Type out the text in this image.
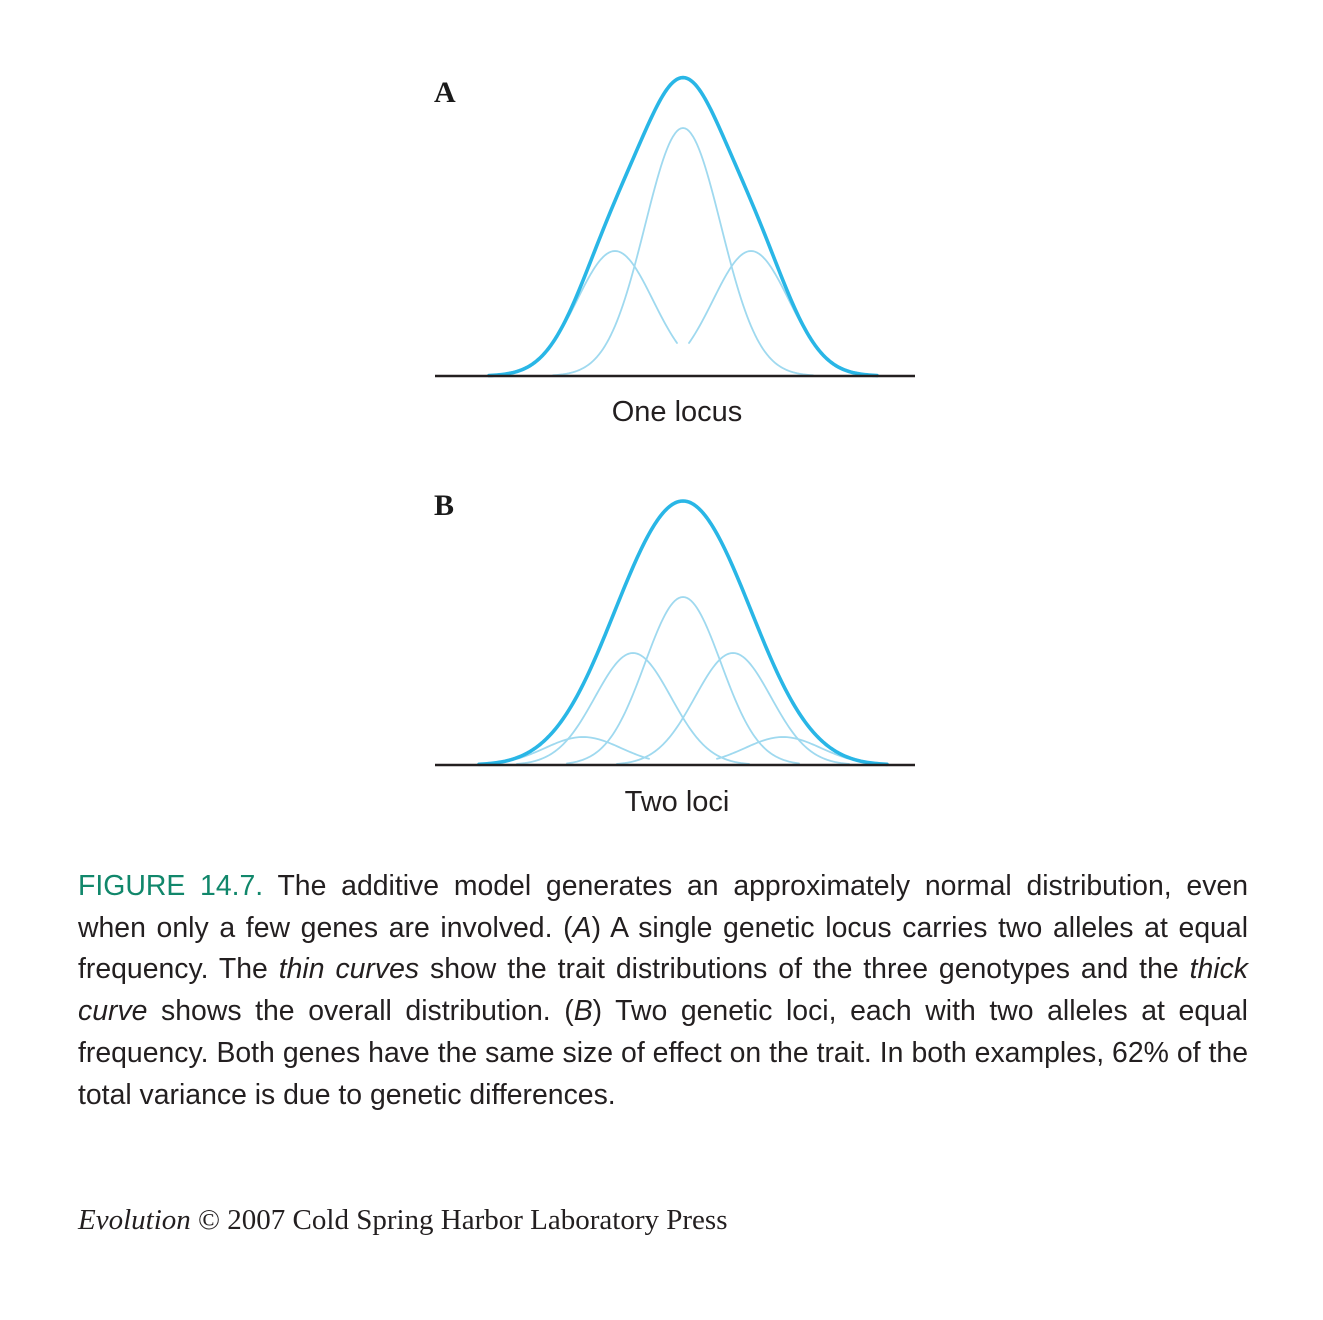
A
One locus
B
Two loci

FIGURE 14.7. The additive model generates an approximately normal distribution, even when only a few genes are involved. (A) A single genetic locus carries two alleles at equal frequency. The thin curves show the trait distributions of the three genotypes and the thick curve shows the overall distribution. (B) Two genetic loci, each with two alleles at equal frequency. Both genes have the same size of effect on the trait. In both examples, 62% of the total variance is due to genetic differences.

Evolution © 2007 Cold Spring Harbor Laboratory Press
